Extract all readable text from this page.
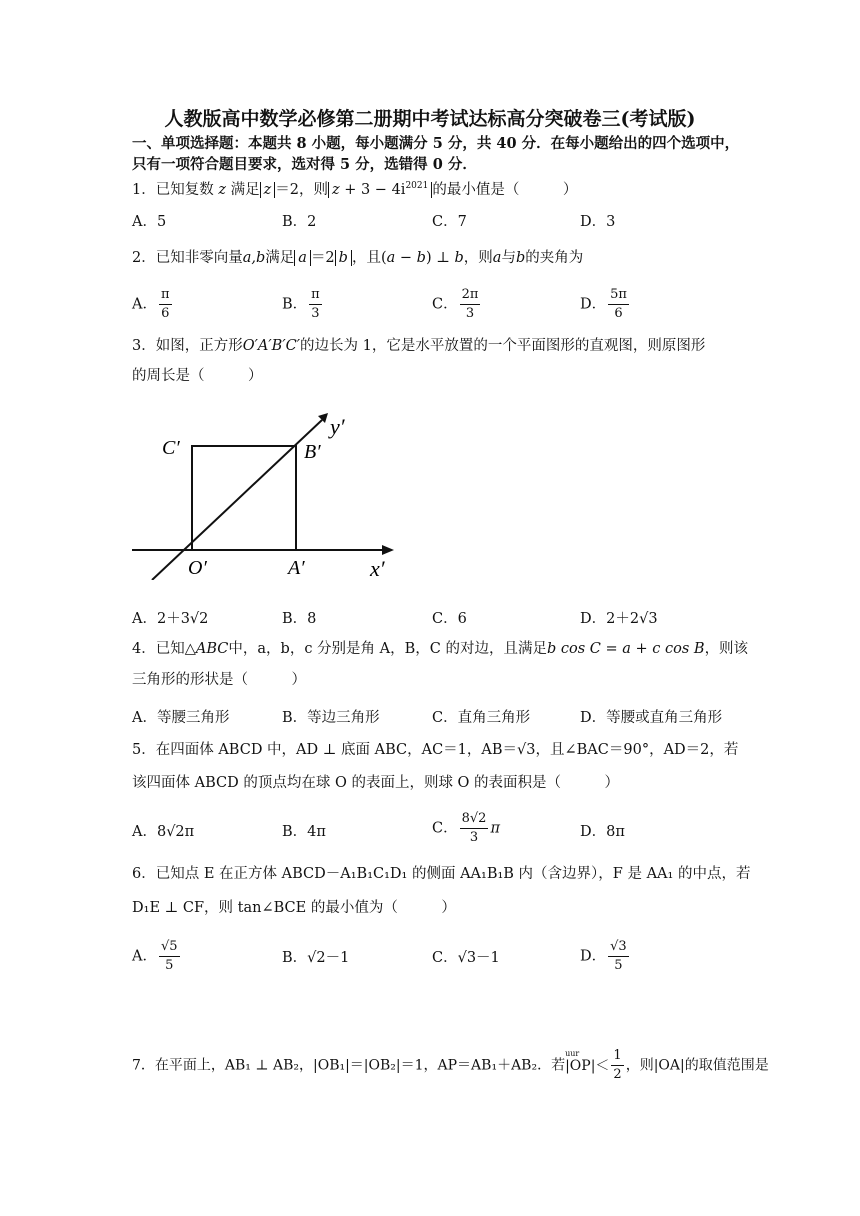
人教版高中数学必修第二册期中考试达标高分突破卷三(考试版)
一、单项选择题：本题共 8 小题，每小题满分 5 分，共 40 分．在每小题给出的四个选项中，
只有一项符合题目要求，选对得 5 分，选错得 0 分．
1．已知复数 z 满足 z ＝2，则 $z + 3 - 4i^{2021}$ 的最小值是（　　　）
A．5	B．2	C．7	D．3
2．已知非零向量a,b满足 a ＝2 b ，且(a − b) ⊥ b，则a与b的夹角为
A． $\frac{\pi}{6}$	B． $\frac{\pi}{3}$	C． $\frac{2\pi}{3}$	D． $\frac{5\pi}{6}$
3．如图，正方形O′A′B′C′的边长为 1，它是水平放置的一个平面图形的直观图，则原图形
的周长是（　　　）
C′	B′
O′	A′	x′
y′
A．2＋3√2	B．8	C．6	D．2＋2√3
4．已知△ABC中，a，b，c 分别是角 A，B，C 的对边，且满足b cos C = a + c cos B，则该
三角形的形状是（　　　）
A．等腰三角形	B．等边三角形	C．直角三角形	D．等腰或直角三角形
5．在四面体 ABCD 中，AD ⊥ 底面 ABC，AC＝1，AB＝√3，且∠BAC＝90°，AD＝2，若
该四面体 ABCD 的顶点均在球 O 的表面上，则球 O 的表面积是（　　　）
A．8√2π	B．4π	C． $\frac{8√2}{3}$ π	D．8π
6．已知点 E 在正方体 ABCD－A₁B₁C₁D₁ 的侧面 AA₁B₁B 内（含边界），F 是 AA₁ 的中点，若
D₁E ⊥ CF，则 tan∠BCE 的最小值为（　　　）
A． $\frac{√5}{5}$	B．√2－1	C．√3－1	D． $\frac{√3}{5}$
7．在平面上，AB₁ ⊥ AB₂，|OB₁|＝|OB₂|＝1，AP＝AB₁＋AB₂．若
uur
$|OP|< \frac{1}{2}$ ，则|OA|的取值范围是
